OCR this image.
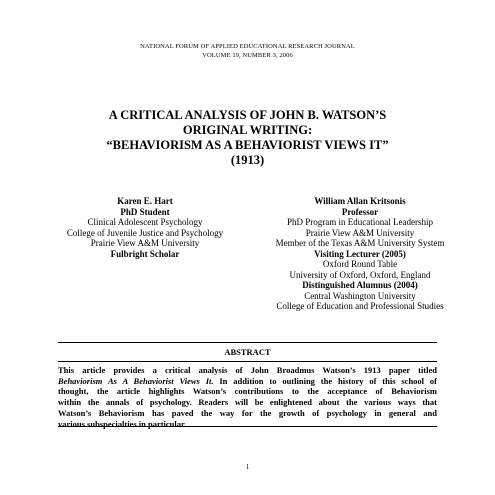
NATIONAL FORUM OF APPLIED EDUCATIONAL RESEARCH JOURNAL
VOLUME 19, NUMBER 3, 2006
A CRITICAL ANALYSIS OF JOHN B. WATSON’S
ORIGINAL WRITING:
“BEHAVIORISM AS A BEHAVIORIST VIEWS IT”
(1913)
Karen E. Hart
PhD Student
Clinical Adolescent Psychology
College of Juvenile Justice and Psychology
Prairie View A&M University
Fulbright Scholar
William Allan Kritsonis
Professor
PhD Program in Educational Leadership
Prairie View A&M University
Member of the Texas A&M University System
Visiting Lecturer (2005)
Oxford Round Table
University of Oxford, Oxford, England
Distinguished Alumnus (2004)
Central Washington University
College of Education and Professional Studies
ABSTRACT
This article provides a critical analysis of John Broadmus Watson’s 1913 paper titled
Behaviorism As A Behaviorist Views It. In addition to outlining the history of this school of
thought, the article highlights Watson’s contributions to the acceptance of Behaviorism
within the annals of psychology. Readers will be enlightened about the various ways that
Watson’s Behaviorism has paved the way for the growth of psychology in general and
various subspecialties in particular.
1
